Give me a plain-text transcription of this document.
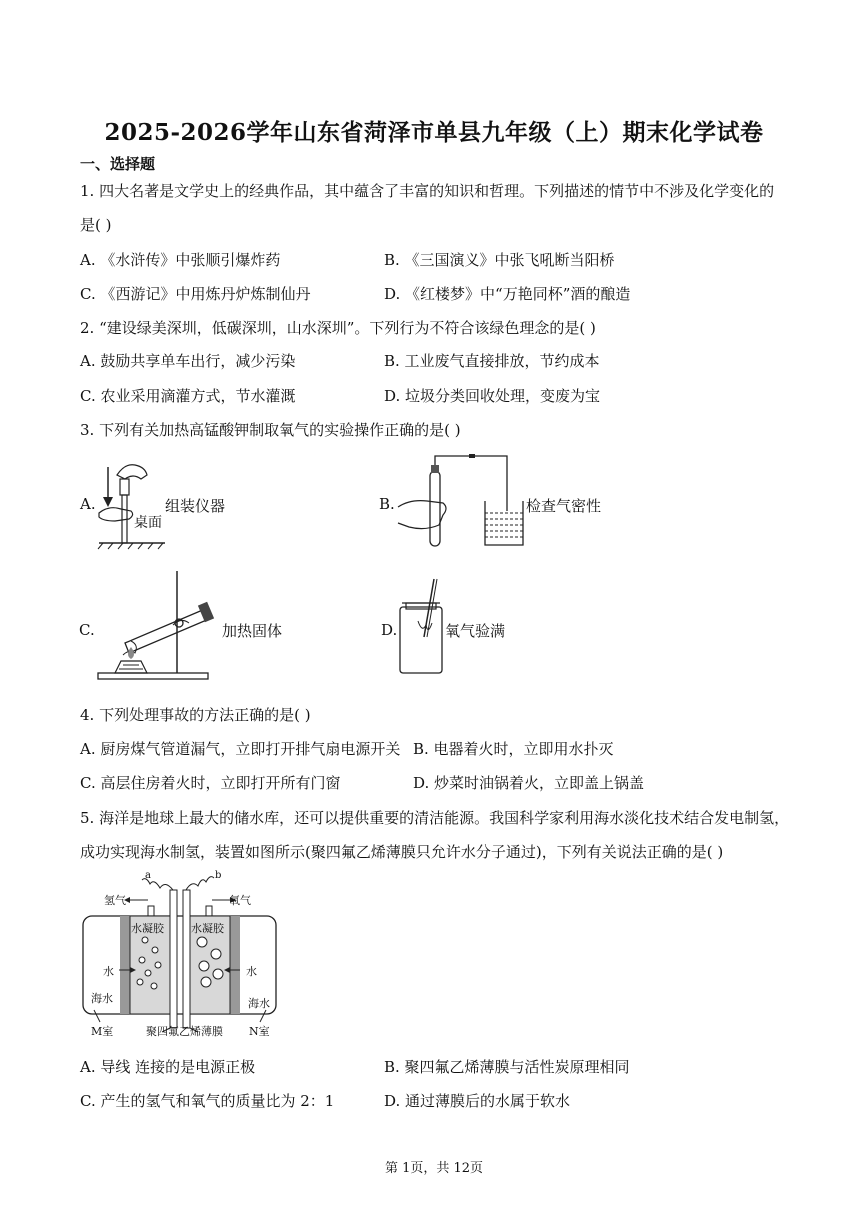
2025-2026学年山东省菏泽市单县九年级（上）期末化学试卷
一、选择题
1. 四大名著是文学史上的经典作品，其中蕴含了丰富的知识和哲理。下列描述的情节中不涉及化学变化的
是( )
A. 《水浒传》中张顺引爆炸药	B. 《三国演义》中张飞吼断当阳桥
C. 《西游记》中用炼丹炉炼制仙丹	D. 《红楼梦》中“万艳同杯”酒的酿造
2. “建设绿美深圳，低碳深圳，山水深圳”。下列行为不符合该绿色理念的是( )
A. 鼓励共享单车出行，减少污染	B. 工业废气直接排放，节约成本
C. 农业采用滴灌方式，节水灌溉	D. 垃圾分类回收处理，变废为宝
3. 下列有关加热高锰酸钾制取氧气的实验操作正确的是( )
A.
桌面
组装仪器	B.	检查气密性
C.	加热固体	D.	氧气验满
4. 下列处理事故的方法正确的是( )
A. 厨房煤气管道漏气，立即打开排气扇电源开关 B. 电器着火时，立即用水扑灭
C. 高层住房着火时，立即打开所有门窗	D. 炒菜时油锅着火，立即盖上锅盖
5. 海洋是地球上最大的储水库，还可以提供重要的清洁能源。我国科学家利用海水淡化技术结合发电制氢，
成功实现海水制氢，装置如图所示(聚四氟乙烯薄膜只允许水分子通过)，下列有关说法正确的是( )
a	b
氢气	氧气
水凝胶 水凝胶
水	水
海水	海水
M室	N室
聚四氟乙烯薄膜
A. 导线 连接的是电源正极	B. 聚四氟乙烯薄膜与活性炭原理相同
C. 产生的氢气和氧气的质量比为 2：1	D. 通过薄膜后的水属于软水
第 1页，共 12页
